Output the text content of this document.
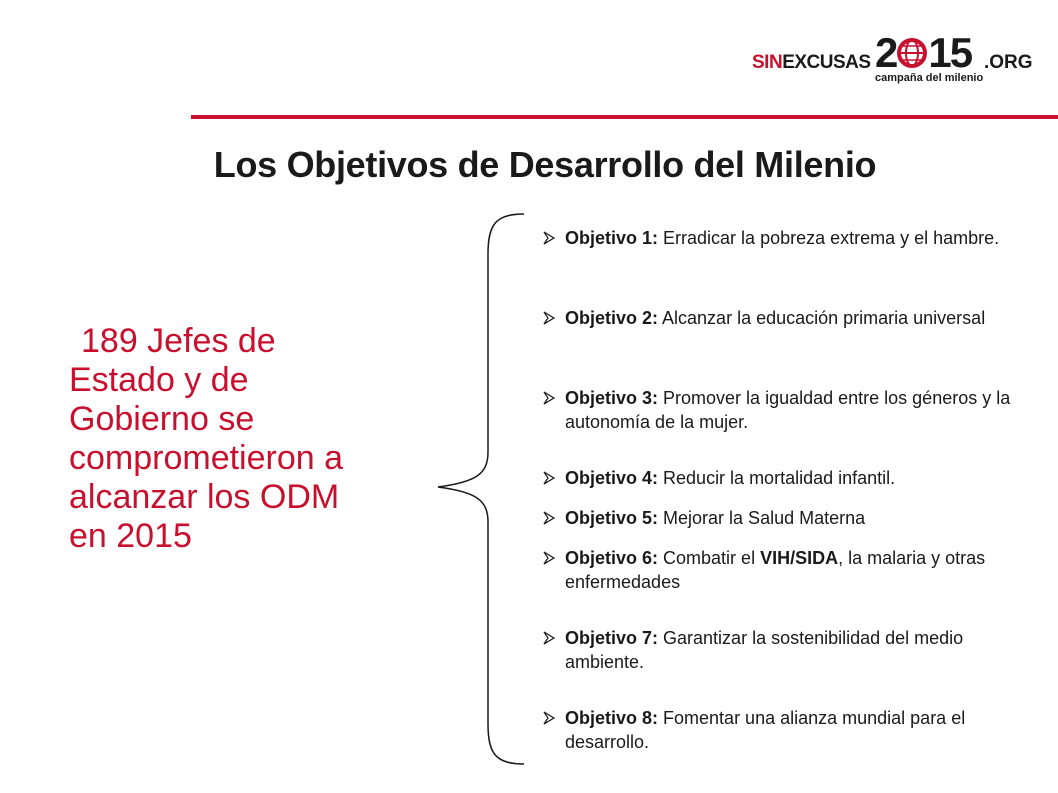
SINEXCUSAS 2 15 .ORG
campaña del milenio
Los Objetivos de Desarrollo del Milenio
189 Jefes de
Estado y de
Gobierno se
comprometieron a
alcanzar los ODM
en 2015
Objetivo 1: Erradicar la pobreza extrema y el hambre.
Objetivo 2: Alcanzar la educación primaria universal
Objetivo 3: Promover la igualdad entre los géneros y la autonomía de la mujer.
Objetivo 4: Reducir la mortalidad infantil.
Objetivo 5: Mejorar la Salud Materna
Objetivo 6: Combatir el VIH/SIDA, la malaria y otras enfermedades
Objetivo 7: Garantizar la sostenibilidad del medio ambiente.
Objetivo 8: Fomentar una alianza mundial para el desarrollo.
